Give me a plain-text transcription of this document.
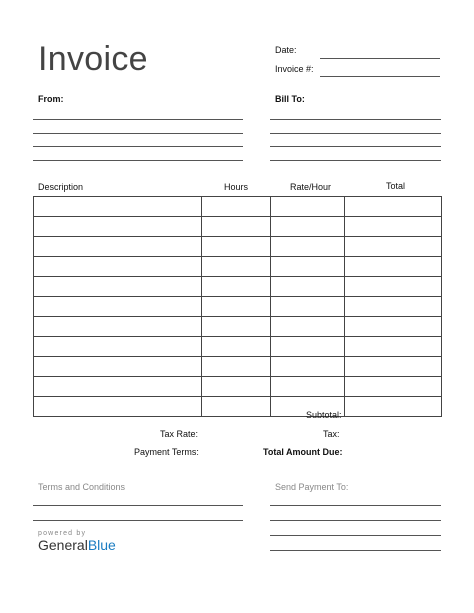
Invoice	Date:
Invoice #:
From:	Bill To:
Description	Hours	Rate/Hour	Total

Subtotal:
Tax Rate:	Tax:
Payment Terms:	Total Amount Due:
Terms and Conditions	Send Payment To:
powered by
GeneralBlue
